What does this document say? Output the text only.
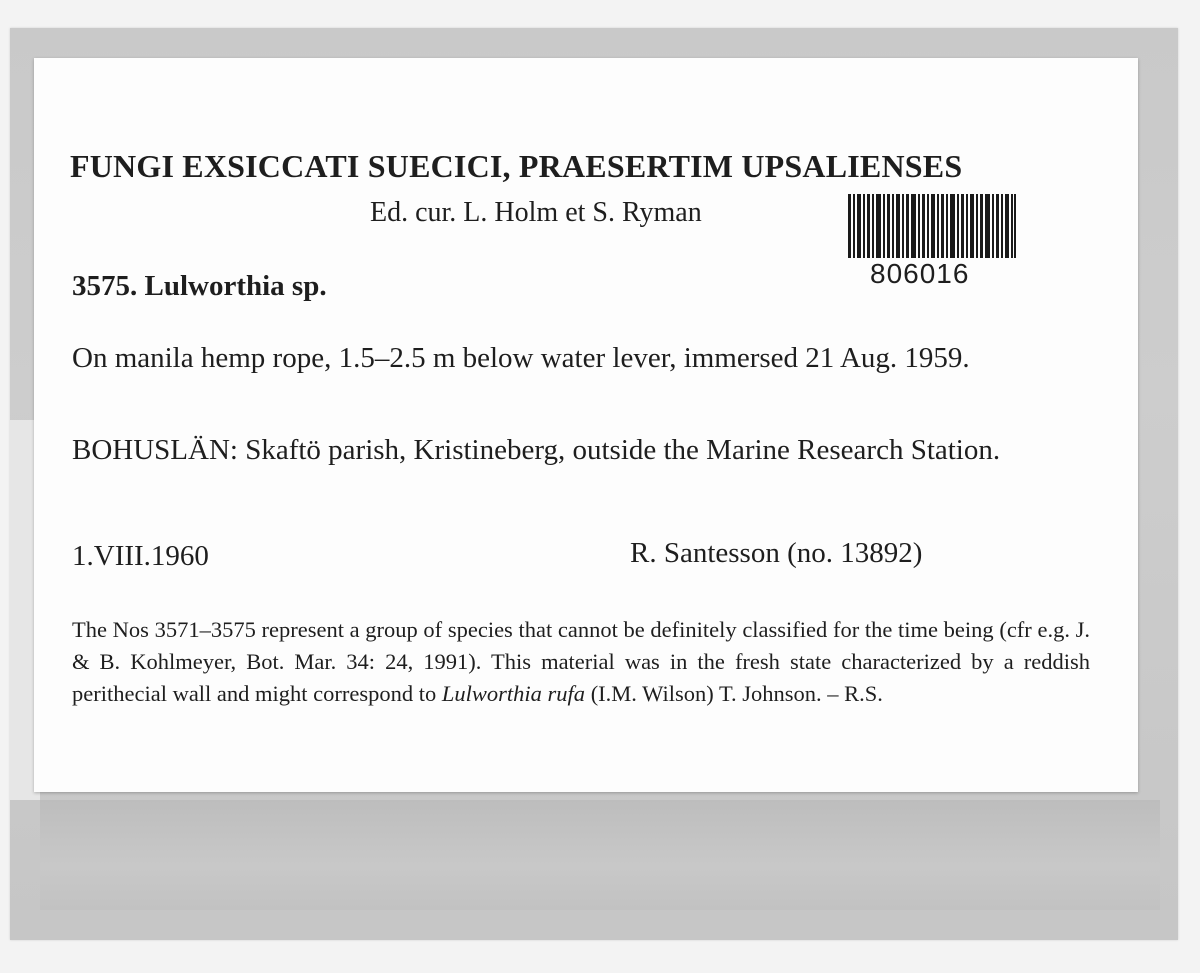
FUNGI EXSICCATI SUECICI, PRAESERTIM UPSALIENSES
Ed. cur. L. Holm et S. Ryman
806016
3575. Lulworthia sp.
On manila hemp rope, 1.5–2.5 m below water lever, immersed 21 Aug. 1959.
BOHUSLÄN: Skaftö parish, Kristineberg, outside the Marine Research Station.
1.VIII.1960	R. Santesson (no. 13892)
The Nos 3571–3575 represent a group of species that cannot be definitely classified for the time being (cfr e.g. J. & B. Kohlmeyer, Bot. Mar. 34: 24, 1991). This material was in the fresh state characterized by a reddish perithecial wall and might correspond to Lulworthia rufa (I.M. Wilson) T. Johnson. – R.S.
